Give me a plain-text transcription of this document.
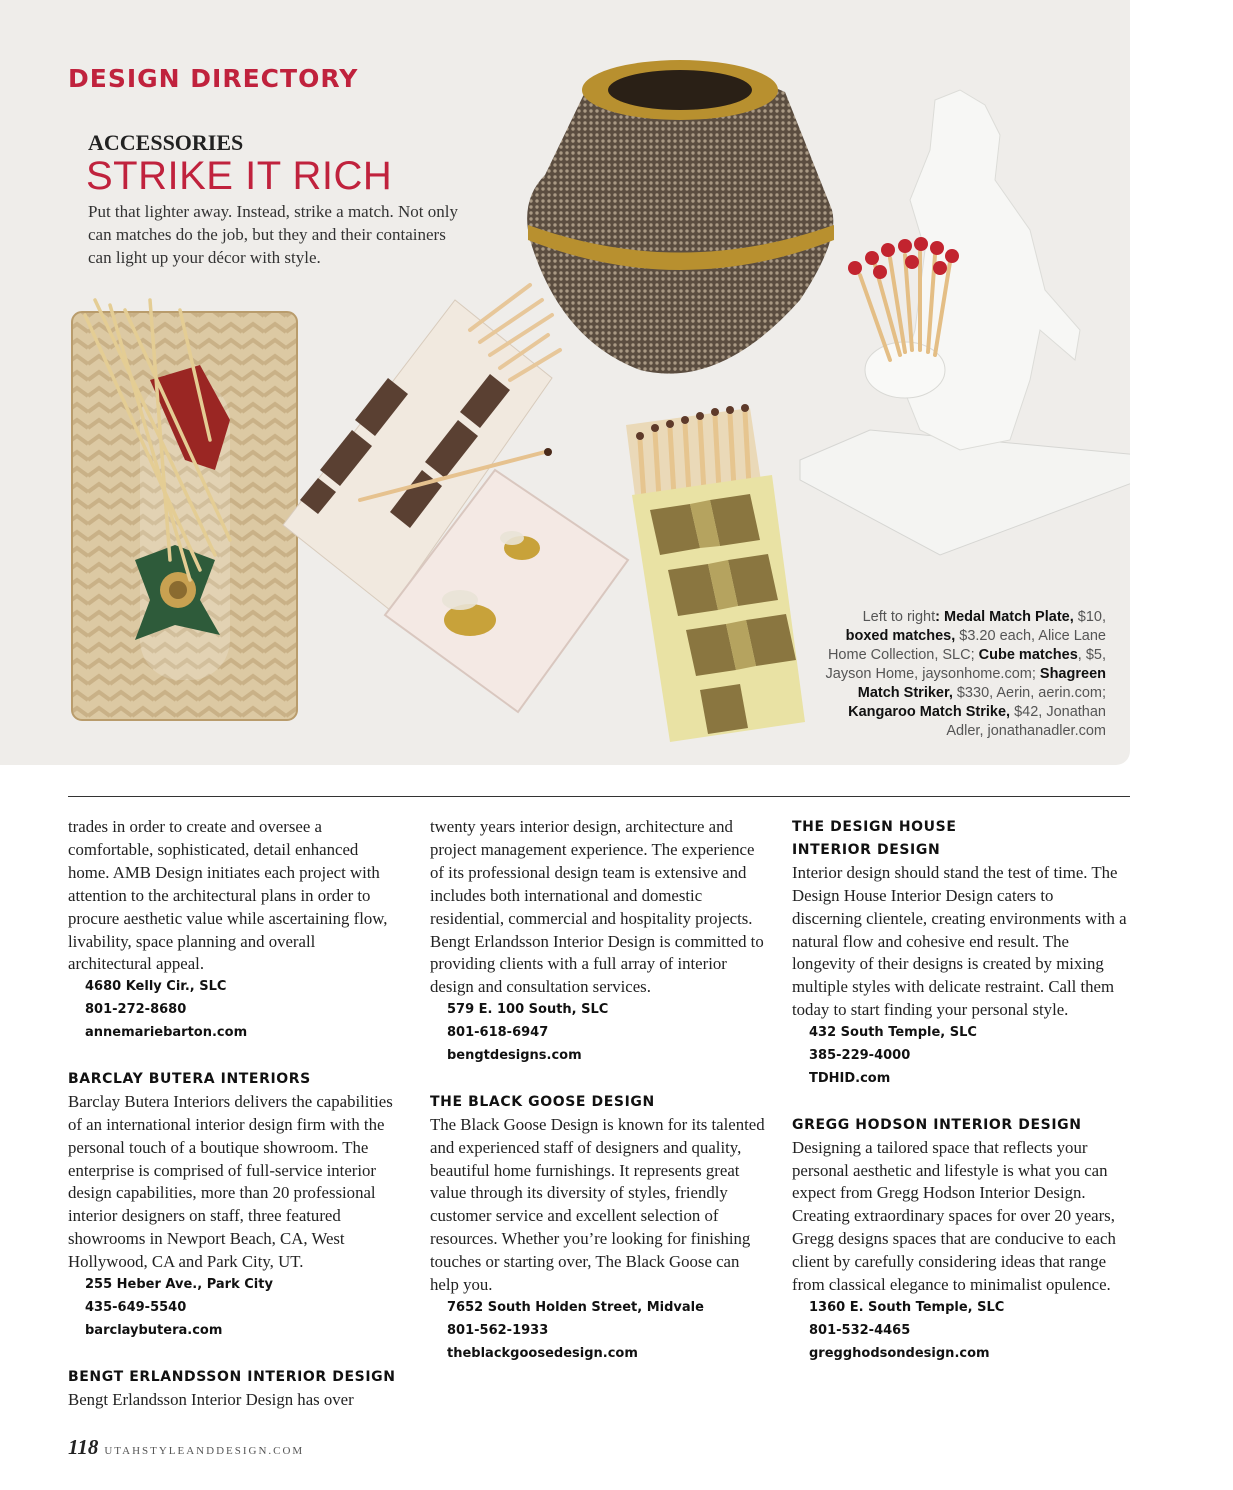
DESIGN DIRECTORY
ACCESSORIES
STRIKE IT RICH
Put that lighter away. Instead, strike a match. Not only can matches do the job, but they and their containers can light up your décor with style.
Left to right: Medal Match Plate, $10, boxed matches, $3.20 each, Alice Lane Home Collection, SLC; Cube matches, $5, Jayson Home, jaysonhome.com; Shagreen Match Striker, $330, Aerin, aerin.com; Kangaroo Match Strike, $42, Jonathan Adler, jonathanadler.com

trades in order to create and oversee a comfortable, sophisticated, detail enhanced home. AMB Design initiates each project with attention to the architectural plans in order to procure aesthetic value while ascertaining flow, livability, space planning and overall architectural appeal.

4680 Kelly Cir., SLC
801-272-8680
annemariebarton.com
BARCLAY BUTERA INTERIORS

Barclay Butera Interiors delivers the capabilities of an international interior design firm with the personal touch of a boutique showroom. The enterprise is comprised of full-service interior design capabilities, more than 20 professional interior designers on staff, three featured showrooms in Newport Beach, CA, West Hollywood, CA and Park City, UT.

255 Heber Ave., Park City
435-649-5540
barclaybutera.com
BENGT ERLANDSSON INTERIOR DESIGN

Bengt Erlandsson Interior Design has over

twenty years interior design, architecture and project management experience. The experience of its professional design team is extensive and includes both international and domestic residential, commercial and hospitality projects. Bengt Erlandsson Interior Design is committed to providing clients with a full array of interior design and consultation services.

579 E. 100 South, SLC
801-618-6947
bengtdesigns.com
THE BLACK GOOSE DESIGN

The Black Goose Design is known for its talented and experienced staff of designers and quality, beautiful home furnishings. It represents great value through its diversity of styles, friendly customer service and excellent selection of resources. Whether you’re looking for finishing touches or starting over, The Black Goose can help you.

7652 South Holden Street, Midvale
801-562-1933
theblackgoosedesign.com
THE DESIGN HOUSE
INTERIOR DESIGN

Interior design should stand the test of time. The Design House Interior Design caters to discerning clientele, creating environments with a natural flow and cohesive end result. The longevity of their designs is created by mixing multiple styles with delicate restraint. Call them today to start finding your personal style.

432 South Temple, SLC
385-229-4000
TDHID.com
GREGG HODSON INTERIOR DESIGN

Designing a tailored space that reflects your personal aesthetic and lifestyle is what you can expect from Gregg Hodson Interior Design. Creating extraordinary spaces for over 20 years, Gregg designs spaces that are conducive to each client by carefully considering ideas that range from classical elegance to minimalist opulence.

1360 E. South Temple, SLC
801-532-4465
gregghodsondesign.com
118 UTAHSTYLEANDDESIGN.COM
